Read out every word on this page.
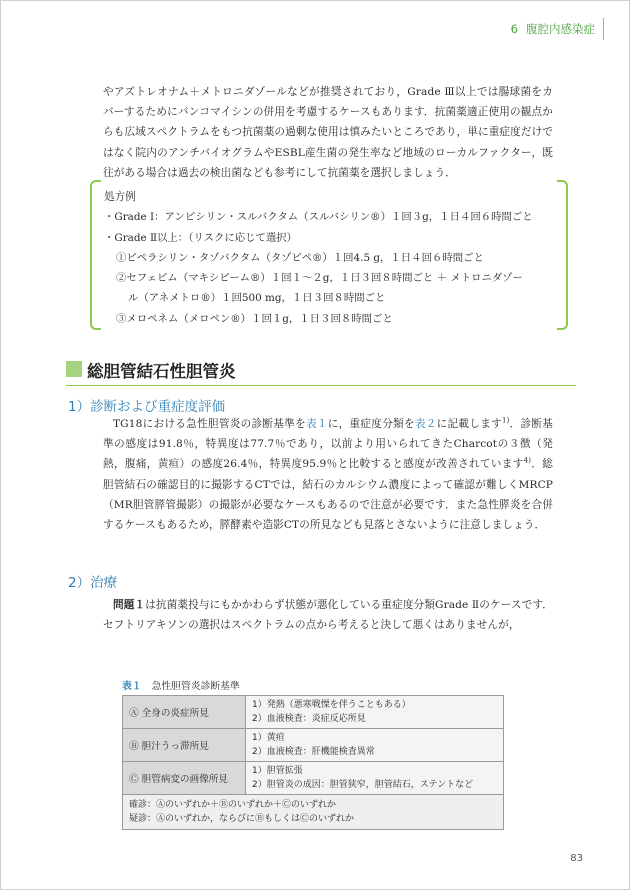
6 腹腔内感染症

やアズトレオナム＋メトロニダゾールなどが推奨されており，Grade Ⅲ以上では腸球菌をカバーするためにバンコマイシンの併用を考慮するケースもあります．抗菌薬適正使用の観点からも広域スペクトラムをもつ抗菌薬の過剰な使用は慎みたいところであり，単に重症度だけではなく院内のアンチバイオグラムやESBL産生菌の発生率など地域のローカルファクター，既往がある場合は過去の検出菌なども参考にして抗菌薬を選択しましょう．

処方例
・Grade Ⅰ：アンピシリン・スルバクタム（スルバシリン®）１回３g，１日４回６時間ごと
・Grade Ⅱ以上：（リスクに応じて選択）
①ピペラシリン・タゾバクタム（タゾピペ®）１回4.5 g，１日４回６時間ごと
②セフェピム（マキシピーム®）１回１～２g，１日３回８時間ごと ＋ メトロニダゾー
ル（アネメトロ®）１回500 mg，１日３回８時間ごと
③メロペネム（メロペン®）１回１g，１日３回８時間ごと
総胆管結石性胆管炎
1）診断および重症度評価

TG18における急性胆管炎の診断基準を表１に，重症度分類を表２に記載します$^{1)}$．診断基準の感度は91.8％，特異度は77.7％であり，以前より用いられてきたCharcotの３徴（発熱，腹痛，黄疸）の感度26.4％，特異度95.9％と比較すると感度が改善されています$^{4)}$．総胆管結石の確認目的に撮影するCTでは，結石のカルシウム濃度によって確認が難しくMRCP（MR胆管膵管撮影）の撮影が必要なケースもあるので注意が必要です．また急性膵炎を合併するケースもあるため，膵酵素や造影CTの所見なども見落とさないように注意しましょう．

2）治療

問題１は抗菌薬投与にもかかわらず状態が悪化している重症度分類Grade Ⅱのケースです．セフトリアキソンの選択はスペクトラムの点から考えると決して悪くはありませんが，

表１ 急性胆管炎診断基準
Ⓐ 全身の炎症所見	1）発熱（悪寒戦慄を伴うこともある）
2）血液検査：炎症反応所見

Ⓑ 胆汁うっ滞所見	1）黄疸
2）血液検査：肝機能検査異常

Ⓒ 胆管病変の画像所見	1）胆管拡張
2）胆管炎の成因：胆管狭窄，胆管結石，ステントなど

確診：Ⓐのいずれか＋Ⓑのいずれか＋Ⓒのいずれか
疑診：Ⓐのいずれか，ならびにⒷもしくはⒸのいずれか	
83
